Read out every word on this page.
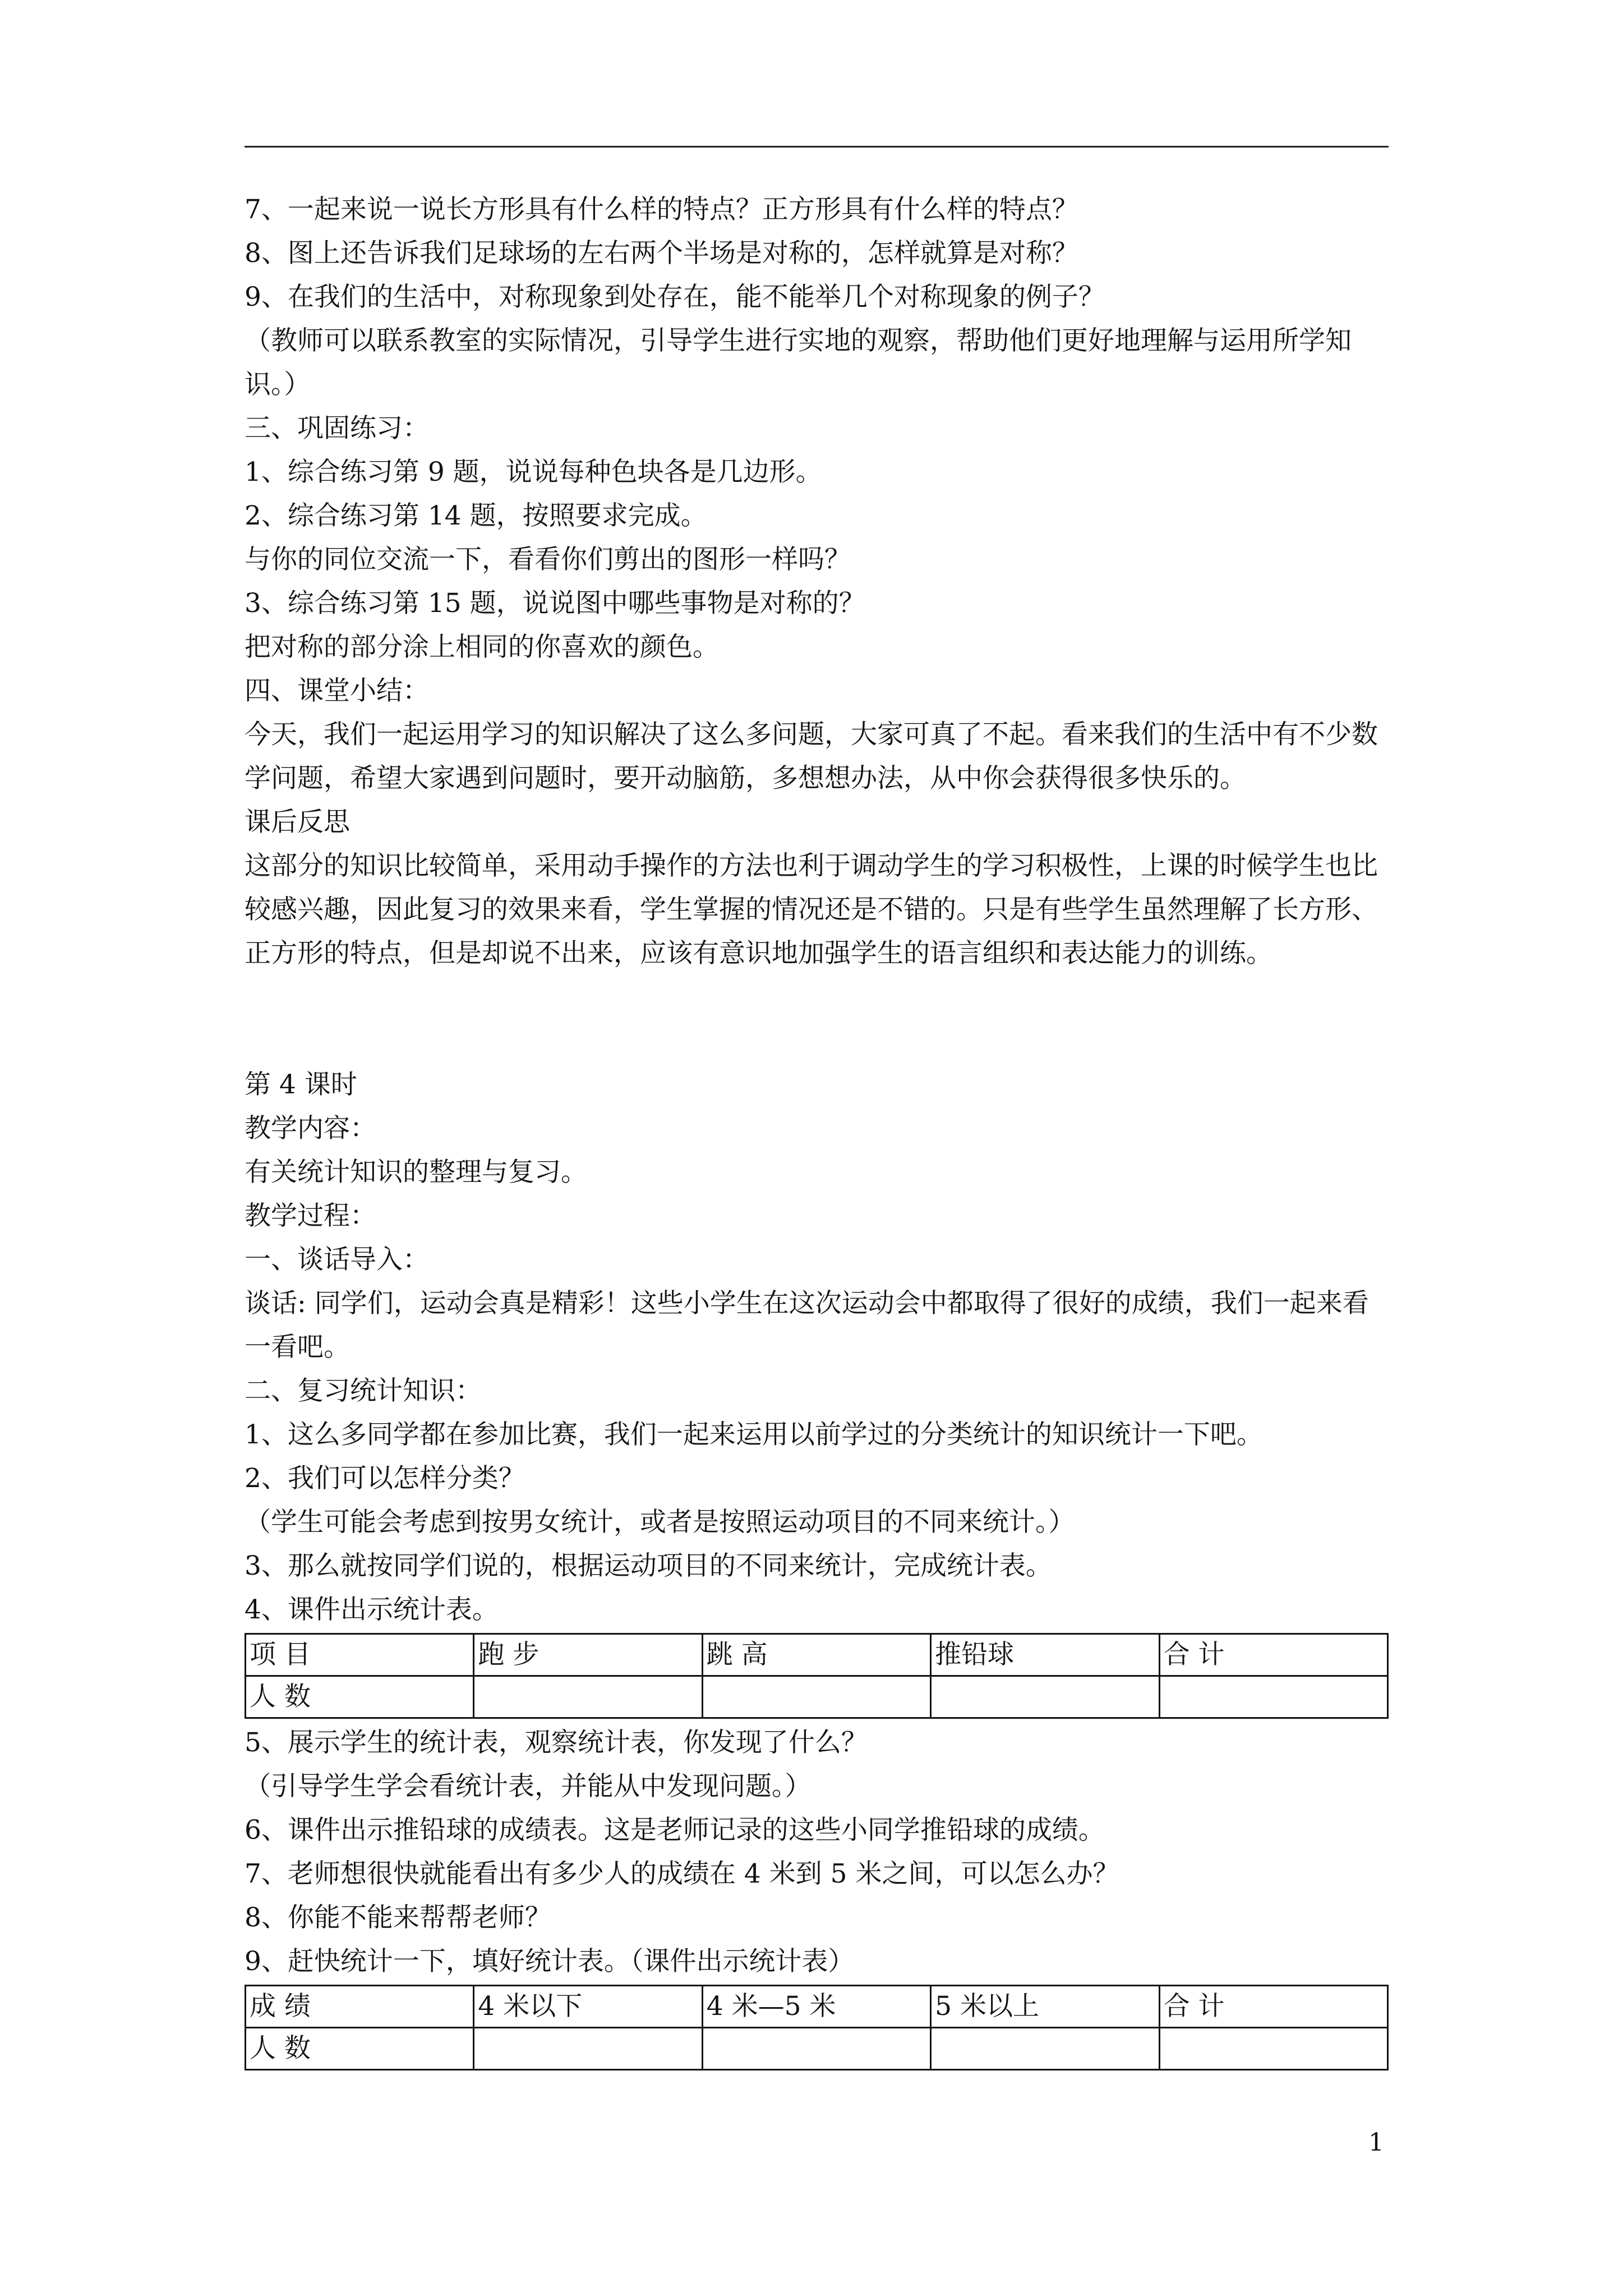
7、一起来说一说长方形具有什么样的特点？正方形具有什么样的特点？
8、图上还告诉我们足球场的左右两个半场是对称的，怎样就算是对称？
9、在我们的生活中，对称现象到处存在，能不能举几个对称现象的例子？
（教师可以联系教室的实际情况，引导学生进行实地的观察，帮助他们更好地理解与运用所学知识。）
三、巩固练习：
1、综合练习第 9 题，说说每种色块各是几边形。
2、综合练习第 14 题，按照要求完成。
与你的同位交流一下，看看你们剪出的图形一样吗？
3、综合练习第 15 题，说说图中哪些事物是对称的？
把对称的部分涂上相同的你喜欢的颜色。
四、课堂小结：
今天，我们一起运用学习的知识解决了这么多问题，大家可真了不起。看来我们的生活中有不少数学问题，希望大家遇到问题时，要开动脑筋，多想想办法，从中你会获得很多快乐的。
课后反思
这部分的知识比较简单，采用动手操作的方法也利于调动学生的学习积极性，上课的时候学生也比较感兴趣，因此复习的效果来看，学生掌握的情况还是不错的。只是有些学生虽然理解了长方形、正方形的特点，但是却说不出来，应该有意识地加强学生的语言组织和表达能力的训练。
第 4 课时
教学内容：
有关统计知识的整理与复习。
教学过程：
一、谈话导入：
谈话: 同学们，运动会真是精彩！这些小学生在这次运动会中都取得了很好的成绩，我们一起来看一看吧。
二、复习统计知识：
1、这么多同学都在参加比赛，我们一起来运用以前学过的分类统计的知识统计一下吧。
2、我们可以怎样分类？
（学生可能会考虑到按男女统计，或者是按照运动项目的不同来统计。）
3、那么就按同学们说的，根据运动项目的不同来统计，完成统计表。
4、课件出示统计表。
项 目	跑 步	跳 高	推铅球	合 计
人 数				
5、展示学生的统计表，观察统计表，你发现了什么？
（引导学生学会看统计表，并能从中发现问题。）
6、课件出示推铅球的成绩表。这是老师记录的这些小同学推铅球的成绩。
7、老师想很快就能看出有多少人的成绩在 4 米到 5 米之间，可以怎么办？
8、你能不能来帮帮老师？
9、赶快统计一下，填好统计表。（课件出示统计表）
成 绩	4 米以下	4 米—5 米	5 米以上	合 计
人 数				
1
